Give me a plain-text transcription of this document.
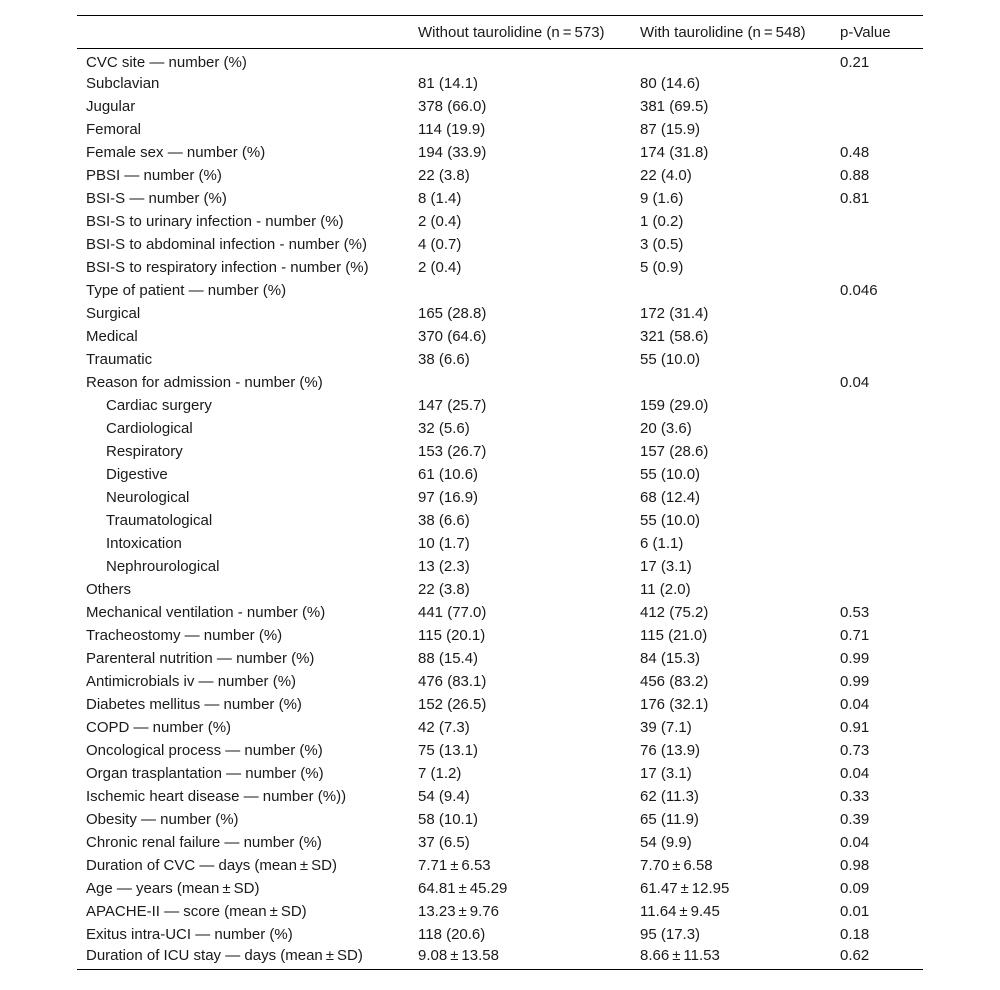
	Without taurolidine (n = 573)	With taurolidine (n = 548)	p-Value
CVC site — number (%)			0.21
Subclavian	81 (14.1)	80 (14.6)	
Jugular	378 (66.0)	381 (69.5)	
Femoral	114 (19.9)	87 (15.9)	
Female sex — number (%)	194 (33.9)	174 (31.8)	0.48
PBSI — number (%)	22 (3.8)	22 (4.0)	0.88
BSI-S — number (%)	8 (1.4)	9 (1.6)	0.81
BSI-S to urinary infection - number (%)	2 (0.4)	1 (0.2)	
BSI-S to abdominal infection - number (%)	4 (0.7)	3 (0.5)	
BSI-S to respiratory infection - number (%)	2 (0.4)	5 (0.9)	
Type of patient — number (%)			0.046
Surgical	165 (28.8)	172 (31.4)	
Medical	370 (64.6)	321 (58.6)	
Traumatic	38 (6.6)	55 (10.0)	
Reason for admission - number (%)			0.04
Cardiac surgery	147 (25.7)	159 (29.0)	
Cardiological	32 (5.6)	20 (3.6)	
Respiratory	153 (26.7)	157 (28.6)	
Digestive	61 (10.6)	55 (10.0)	
Neurological	97 (16.9)	68 (12.4)	
Traumatological	38 (6.6)	55 (10.0)	
Intoxication	10 (1.7)	6 (1.1)	
Nephrourological	13 (2.3)	17 (3.1)	
Others	22 (3.8)	11 (2.0)	
Mechanical ventilation - number (%)	441 (77.0)	412 (75.2)	0.53
Tracheostomy — number (%)	115 (20.1)	115 (21.0)	0.71
Parenteral nutrition — number (%)	88 (15.4)	84 (15.3)	0.99
Antimicrobials iv — number (%)	476 (83.1)	456 (83.2)	0.99
Diabetes mellitus — number (%)	152 (26.5)	176 (32.1)	0.04
COPD — number (%)	42 (7.3)	39 (7.1)	0.91
Oncological process — number (%)	75 (13.1)	76 (13.9)	0.73
Organ trasplantation — number (%)	7 (1.2)	17 (3.1)	0.04
Ischemic heart disease — number (%))	54 (9.4)	62 (11.3)	0.33
Obesity — number (%)	58 (10.1)	65 (11.9)	0.39
Chronic renal failure — number (%)	37 (6.5)	54 (9.9)	0.04
Duration of CVC — days (mean ± SD)	7.71 ± 6.53	7.70 ± 6.58	0.98
Age — years (mean ± SD)	64.81 ± 45.29	61.47 ± 12.95	0.09
APACHE-II — score (mean ± SD)	13.23 ± 9.76	11.64 ± 9.45	0.01
Exitus intra-UCI — number (%)	118 (20.6)	95 (17.3)	0.18
Duration of ICU stay — days (mean ± SD)	9.08 ± 13.58	8.66 ± 11.53	0.62
